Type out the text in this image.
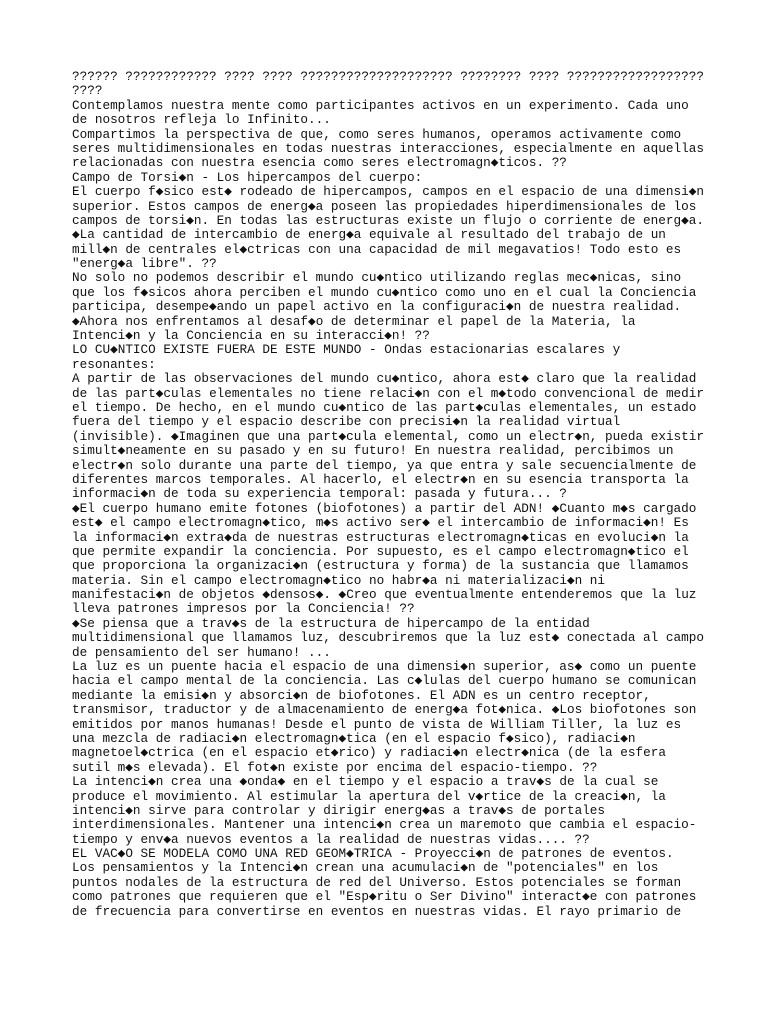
?????? ???????????? ???? ???? ???????????????????? ???????? ???? ??????????????????
????
Contemplamos nuestra mente como participantes activos en un experimento. Cada uno
de nosotros refleja lo Infinito...
Compartimos la perspectiva de que, como seres humanos, operamos activamente como
seres multidimensionales en todas nuestras interacciones, especialmente en aquellas
relacionadas con nuestra esencia como seres electromagn◆ticos. ??
Campo de Torsi◆n - Los hipercampos del cuerpo:
El cuerpo f◆sico est◆ rodeado de hipercampos, campos en el espacio de una dimensi◆n
superior. Estos campos de energ◆a poseen las propiedades hiperdimensionales de los
campos de torsi◆n. En todas las estructuras existe un flujo o corriente de energ◆a.
◆La cantidad de intercambio de energ◆a equivale al resultado del trabajo de un
mill◆n de centrales el◆ctricas con una capacidad de mil megavatios! Todo esto es
"energ◆a libre". ??
No solo no podemos describir el mundo cu◆ntico utilizando reglas mec◆nicas, sino
que los f◆sicos ahora perciben el mundo cu◆ntico como uno en el cual la Conciencia
participa, desempe◆ando un papel activo en la configuraci◆n de nuestra realidad.
◆Ahora nos enfrentamos al desaf◆o de determinar el papel de la Materia, la
Intenci◆n y la Conciencia en su interacci◆n! ??
LO CU◆NTICO EXISTE FUERA DE ESTE MUNDO - Ondas estacionarias escalares y
resonantes:
A partir de las observaciones del mundo cu◆ntico, ahora est◆ claro que la realidad
de las part◆culas elementales no tiene relaci◆n con el m◆todo convencional de medir
el tiempo. De hecho, en el mundo cu◆ntico de las part◆culas elementales, un estado
fuera del tiempo y el espacio describe con precisi◆n la realidad virtual
(invisible). ◆Imaginen que una part◆cula elemental, como un electr◆n, pueda existir
simult◆neamente en su pasado y en su futuro! En nuestra realidad, percibimos un
electr◆n solo durante una parte del tiempo, ya que entra y sale secuencialmente de
diferentes marcos temporales. Al hacerlo, el electr◆n en su esencia transporta la
informaci◆n de toda su experiencia temporal: pasada y futura... ?
◆El cuerpo humano emite fotones (biofotones) a partir del ADN! ◆Cuanto m◆s cargado
est◆ el campo electromagn◆tico, m◆s activo ser◆ el intercambio de informaci◆n! Es
la informaci◆n extra◆da de nuestras estructuras electromagn◆ticas en evoluci◆n la
que permite expandir la conciencia. Por supuesto, es el campo electromagn◆tico el
que proporciona la organizaci◆n (estructura y forma) de la sustancia que llamamos
materia. Sin el campo electromagn◆tico no habr◆a ni materializaci◆n ni
manifestaci◆n de objetos ◆densos◆. ◆Creo que eventualmente entenderemos que la luz
lleva patrones impresos por la Conciencia! ??
◆Se piensa que a trav◆s de la estructura de hipercampo de la entidad
multidimensional que llamamos luz, descubriremos que la luz est◆ conectada al campo
de pensamiento del ser humano! ...
La luz es un puente hacia el espacio de una dimensi◆n superior, as◆ como un puente
hacia el campo mental de la conciencia. Las c◆lulas del cuerpo humano se comunican
mediante la emisi◆n y absorci◆n de biofotones. El ADN es un centro receptor,
transmisor, traductor y de almacenamiento de energ◆a fot◆nica. ◆Los biofotones son
emitidos por manos humanas! Desde el punto de vista de William Tiller, la luz es
una mezcla de radiaci◆n electromagn◆tica (en el espacio f◆sico), radiaci◆n
magnetoel◆ctrica (en el espacio et◆rico) y radiaci◆n electr◆nica (de la esfera
sutil m◆s elevada). El fot◆n existe por encima del espacio-tiempo. ??
La intenci◆n crea una ◆onda◆ en el tiempo y el espacio a trav◆s de la cual se
produce el movimiento. Al estimular la apertura del v◆rtice de la creaci◆n, la
intenci◆n sirve para controlar y dirigir energ◆as a trav◆s de portales
interdimensionales. Mantener una intenci◆n crea un maremoto que cambia el espacio-
tiempo y env◆a nuevos eventos a la realidad de nuestras vidas.... ??
EL VAC◆O SE MODELA COMO UNA RED GEOM◆TRICA - Proyecci◆n de patrones de eventos.
Los pensamientos y la Intenci◆n crean una acumulaci◆n de "potenciales" en los
puntos nodales de la estructura de red del Universo. Estos potenciales se forman
como patrones que requieren que el "Esp◆ritu o Ser Divino" interact◆e con patrones
de frecuencia para convertirse en eventos en nuestras vidas. El rayo primario de
